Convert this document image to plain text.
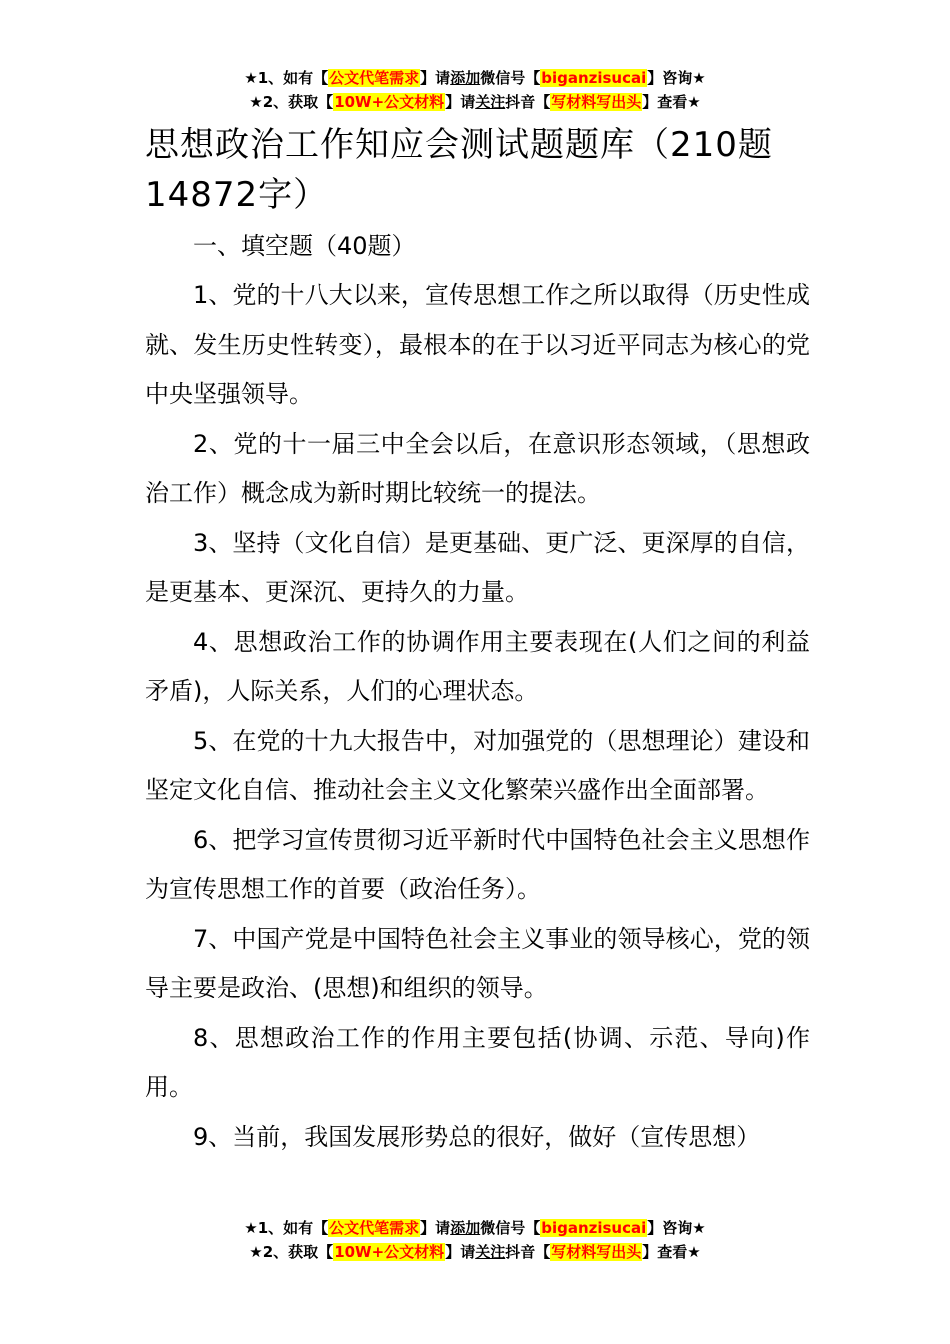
★1、如有【公文代笔需求】请添加微信号【biganzisucai】咨询★
★2、获取【10W+公文材料】请关注抖音【写材料写出头】查看★
思想政治工作知应会测试题题库（210题14872字）

一、填空题（40题）

1、党的十八大以来，宣传思想工作之所以取得（历史性成就、发生历史性转变），最根本的在于以习近平同志为核心的党中央坚强领导。

2、党的十一届三中全会以后，在意识形态领域，（思想政治工作）概念成为新时期比较统一的提法。

3、坚持（文化自信）是更基础、更广泛、更深厚的自信，是更基本、更深沉、更持久的力量。

4、思想政治工作的协调作用主要表现在(人们之间的利益矛盾)，人际关系，人们的心理状态。

5、在党的十九大报告中，对加强党的（思想理论）建设和坚定文化自信、推动社会主义文化繁荣兴盛作出全面部署。

6、把学习宣传贯彻习近平新时代中国特色社会主义思想作为宣传思想工作的首要（政治任务）。

7、中国产党是中国特色社会主义事业的领导核心，党的领导主要是政治、(思想)和组织的领导。

8、思想政治工作的作用主要包括(协调、示范、导向)作用。

9、当前，我国发展形势总的很好，做好（宣传思想）

★1、如有【公文代笔需求】请添加微信号【biganzisucai】咨询★
★2、获取【10W+公文材料】请关注抖音【写材料写出头】查看★
